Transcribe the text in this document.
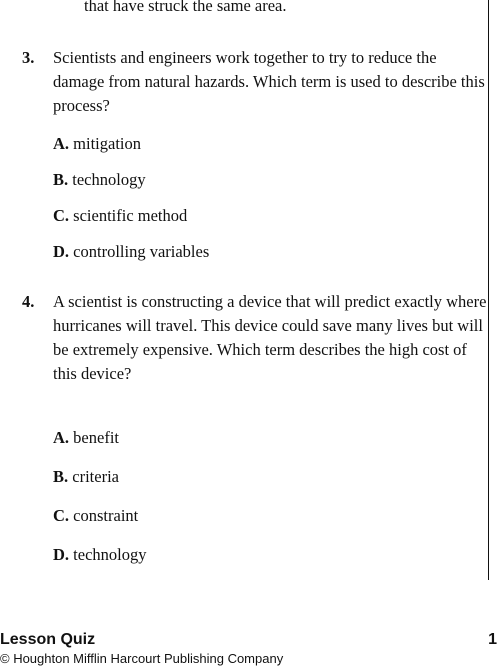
that have struck the same area.
3. Scientists and engineers work together to try to reduce the damage from natural hazards. Which term is used to describe this process?
A. mitigation
B. technology
C. scientific method
D. controlling variables
4. A scientist is constructing a device that will predict exactly where hurricanes will travel. This device could save many lives but will be extremely expensive. Which term describes the high cost of this device?
A. benefit
B. criteria
C. constraint
D. technology
Lesson Quiz
© Houghton Mifflin Harcourt Publishing Company
1
